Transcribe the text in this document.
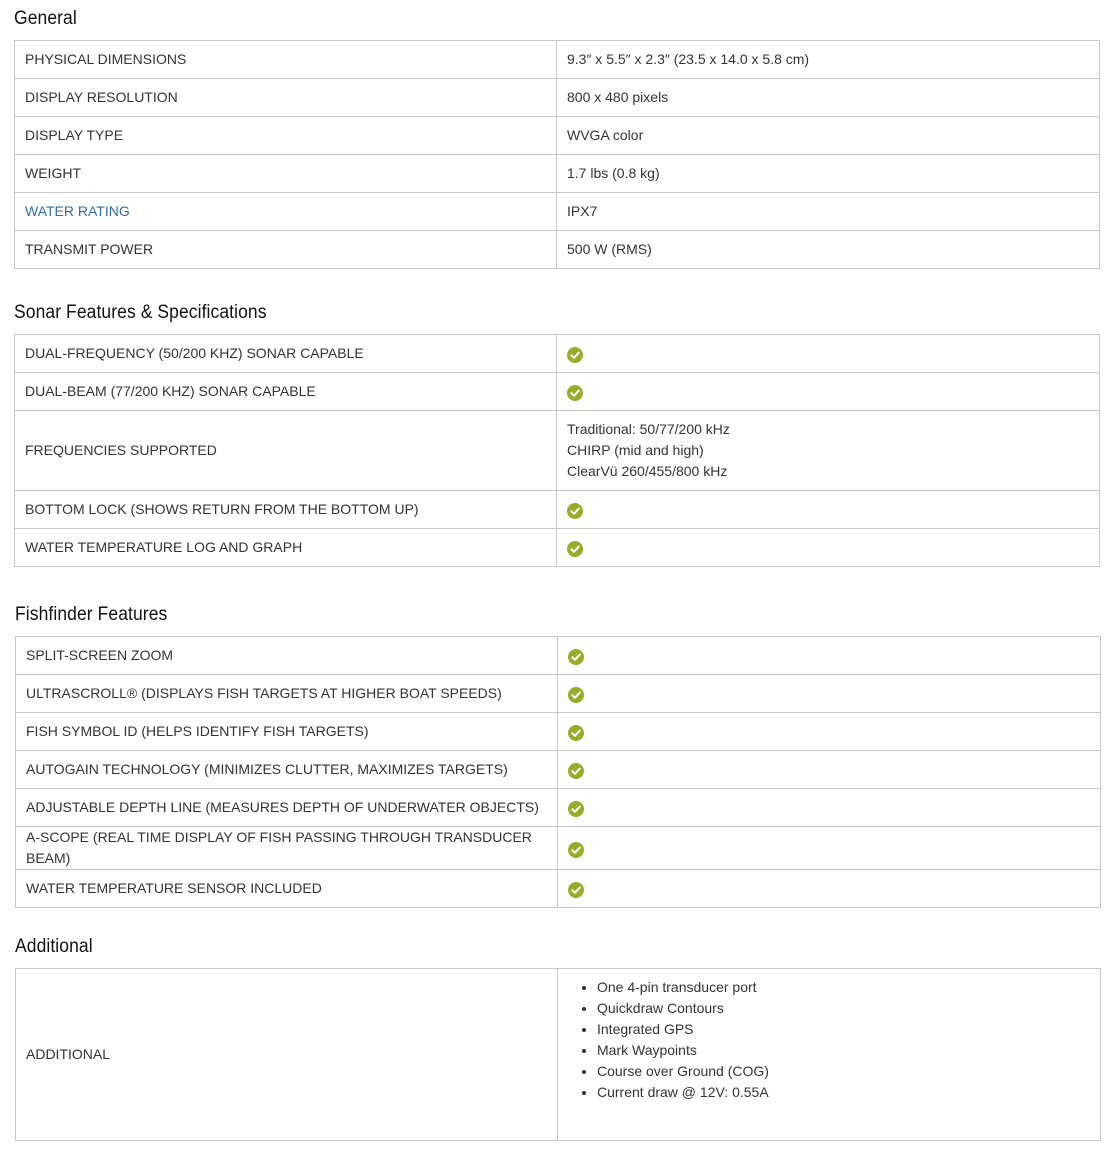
General
PHYSICAL DIMENSIONS	9.3″ x 5.5″ x 2.3″ (23.5 x 14.0 x 5.8 cm)
DISPLAY RESOLUTION	800 x 480 pixels
DISPLAY TYPE	WVGA color
WEIGHT	1.7 lbs (0.8 kg)
WATER RATING	IPX7
TRANSMIT POWER	500 W (RMS)
Sonar Features & Specifications
DUAL-FREQUENCY (50/200 KHZ) SONAR CAPABLE	
DUAL-BEAM (77/200 KHZ) SONAR CAPABLE	
FREQUENCIES SUPPORTED	Traditional: 50/77/200 kHz
CHIRP (mid and high)
ClearVü 260/455/800 kHz

BOTTOM LOCK (SHOWS RETURN FROM THE BOTTOM UP)	
WATER TEMPERATURE LOG AND GRAPH	
Fishfinder Features
SPLIT-SCREEN ZOOM	
ULTRASCROLL® (DISPLAYS FISH TARGETS AT HIGHER BOAT SPEEDS)	
FISH SYMBOL ID (HELPS IDENTIFY FISH TARGETS)	
AUTOGAIN TECHNOLOGY (MINIMIZES CLUTTER, MAXIMIZES TARGETS)	
ADJUSTABLE DEPTH LINE (MEASURES DEPTH OF UNDERWATER OBJECTS)	
A-SCOPE (REAL TIME DISPLAY OF FISH PASSING THROUGH TRANSDUCER BEAM)	
WATER TEMPERATURE SENSOR INCLUDED	
Additional
ADDITIONAL	
• One 4-pin transducer port
• Quickdraw Contours
• Integrated GPS
• Mark Waypoints
• Course over Ground (COG)
• Current draw @ 12V: 0.55A
